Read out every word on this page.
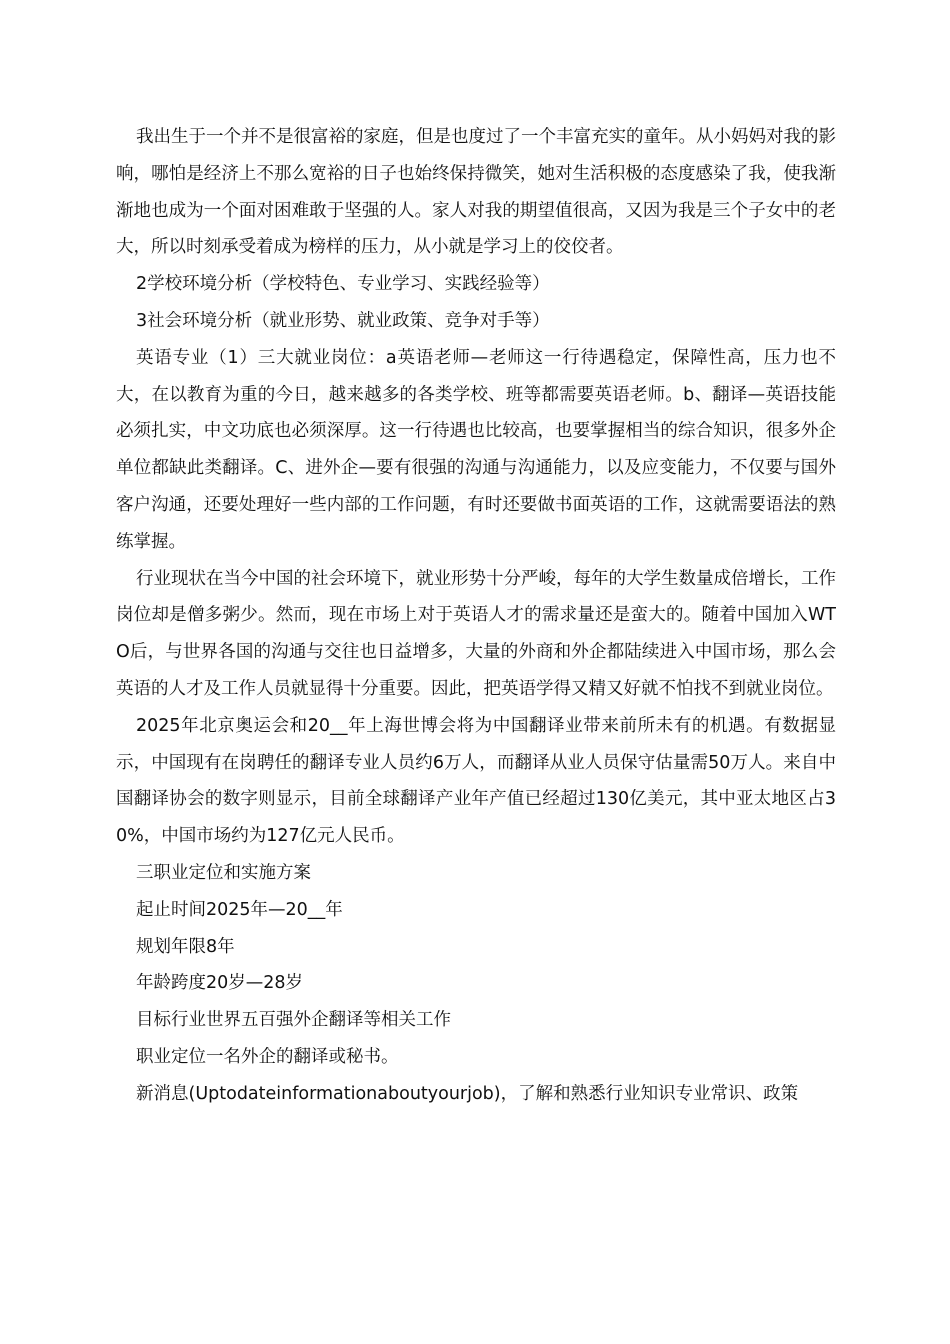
我出生于一个并不是很富裕的家庭，但是也度过了一个丰富充实的童年。从小妈妈对我的影响，哪怕是经济上不那么宽裕的日子也始终保持微笑，她对生活积极的态度感染了我，使我渐渐地也成为一个面对困难敢于坚强的人。家人对我的期望值很高，又因为我是三个子女中的老大，所以时刻承受着成为榜样的压力，从小就是学习上的佼佼者。

2学校环境分析（学校特色、专业学习、实践经验等）

3社会环境分析（就业形势、就业政策、竞争对手等）

英语专业（1）三大就业岗位：a英语老师—老师这一行待遇稳定，保障性高，压力也不大，在以教育为重的今日，越来越多的各类学校、班等都需要英语老师。b、翻译—英语技能必须扎实，中文功底也必须深厚。这一行待遇也比较高，也要掌握相当的综合知识，很多外企单位都缺此类翻译。C、进外企—要有很强的沟通与沟通能力，以及应变能力，不仅要与国外客户沟通，还要处理好一些内部的工作问题，有时还要做书面英语的工作，这就需要语法的熟练掌握。

行业现状在当今中国的社会环境下，就业形势十分严峻，每年的大学生数量成倍增长，工作岗位却是僧多粥少。然而，现在市场上对于英语人才的需求量还是蛮大的。随着中国加入WTO后，与世界各国的沟通与交往也日益增多，大量的外商和外企都陆续进入中国市场，那么会英语的人才及工作人员就显得十分重要。因此，把英语学得又精又好就不怕找不到就业岗位。

2025年北京奥运会和20__年上海世博会将为中国翻译业带来前所未有的机遇。有数据显示，中国现有在岗聘任的翻译专业人员约6万人，而翻译从业人员保守估量需50万人。来自中国翻译协会的数字则显示，目前全球翻译产业年产值已经超过130亿美元，其中亚太地区占30%，中国市场约为127亿元人民币。

三职业定位和实施方案

起止时间2025年—20__年

规划年限8年

年龄跨度20岁—28岁

目标行业世界五百强外企翻译等相关工作

职业定位一名外企的翻译或秘书。

新消息(Uptodateinformationaboutyourjob)，了解和熟悉行业知识专业常识、政策
